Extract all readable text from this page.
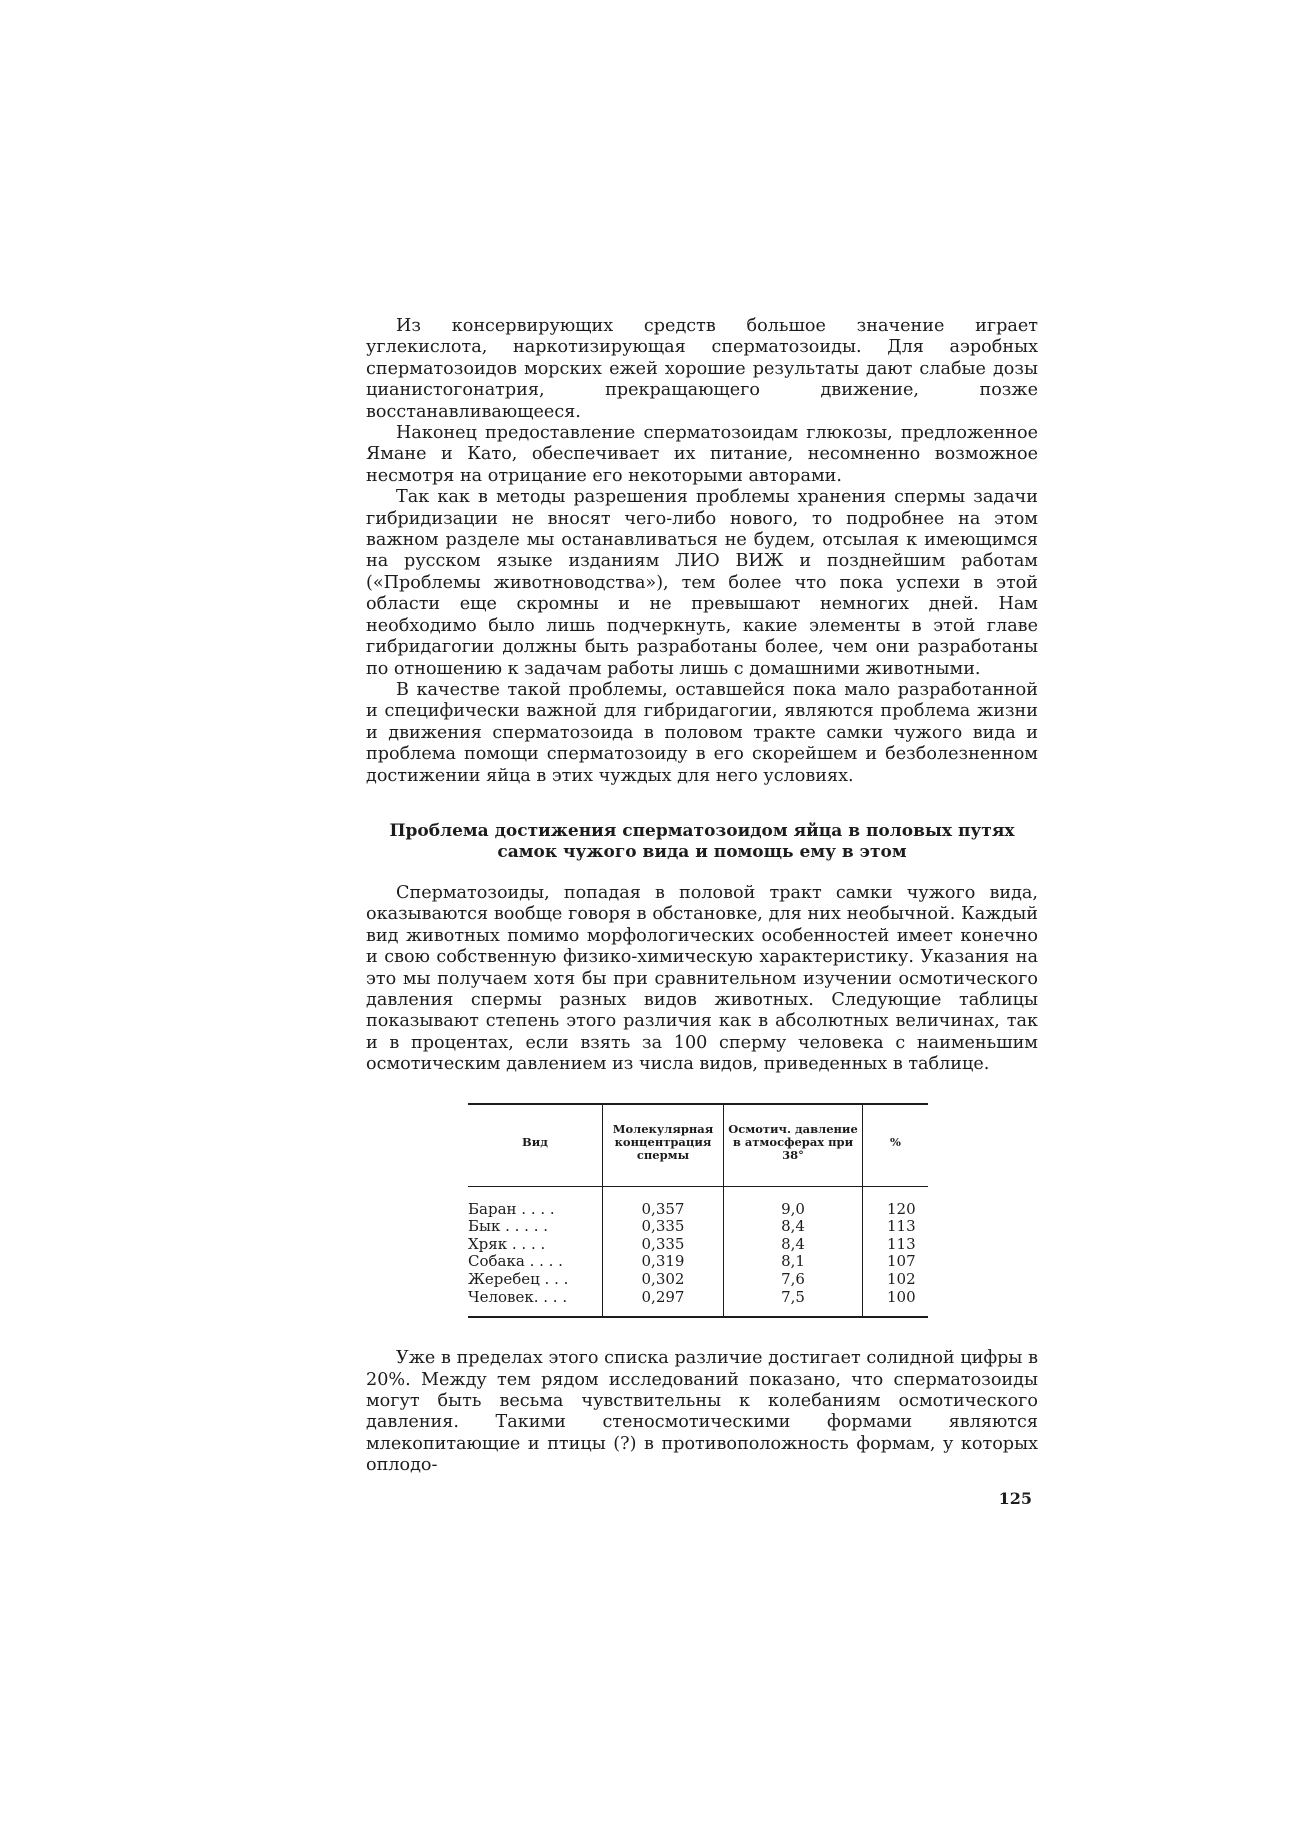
Из консервирующих средств большое значение играет углекислота, наркотизирующая сперматозоиды. Для аэробных сперматозоидов морских ежей хорошие результаты дают слабые дозы цианистогонатрия, прекращающего движение, позже восстанавливающееся.

Наконец предоставление сперматозоидам глюкозы, предложенное Ямане и Като, обеспечивает их питание, несомненно возможное несмотря на отрицание его некоторыми авторами.

Так как в методы разрешения проблемы хранения спермы задачи гибридизации не вносят чего-либо нового, то подробнее на этом важном разделе мы останавливаться не будем, отсылая к имеющимся на русском языке изданиям ЛИО ВИЖ и позднейшим работам («Проблемы животноводства»), тем более что пока успехи в этой области еще скромны и не превышают немногих дней. Нам необходимо было лишь подчеркнуть, какие элементы в этой главе гибридагогии должны быть разработаны более, чем они разработаны по отношению к задачам работы лишь с домашними животными.

В качестве такой проблемы, оставшейся пока мало разработанной и специфически важной для гибридагогии, являются проблема жизни и движения сперматозоида в половом тракте самки чужого вида и проблема помощи сперматозоиду в его скорейшем и безболезненном достижении яйца в этих чуждых для него условиях.

Проблема достижения сперматозоидом яйца в половых путях самок чужого вида и помощь ему в этом

Сперматозоиды, попадая в половой тракт самки чужого вида, оказываются вообще говоря в обстановке, для них необычной. Каждый вид животных помимо морфологических особенностей имеет конечно и свою собственную физико-химическую характеристику. Указания на это мы получаем хотя бы при сравнительном изучении осмотического давления спермы разных видов животных. Следующие таблицы показывают степень этого различия как в абсолютных величинах, так и в процентах, если взять за 100 сперму человека с наименьшим осмотическим давлением из числа видов, приведенных в таблице.

Вид	Молекулярная концентрация спермы	Осмотич. давление в атмосферах при 38°	%
Баран . . . .	0,357	9,0	120
Бык . . . . .	0,335	8,4	113
Хряк . . . .	0,335	8,4	113
Собака . . . .	0,319	8,1	107
Жеребец . . .	0,302	7,6	102
Человек. . . .	0,297	7,5	100

Уже в пределах этого списка различие достигает солидной цифры в 20%. Между тем рядом исследований показано, что сперматозоиды могут быть весьма чувствительны к колебаниям осмотического давления. Такими стеносмотическими формами являются млекопитающие и птицы (?) в противоположность формам, у которых оплодо-

125
